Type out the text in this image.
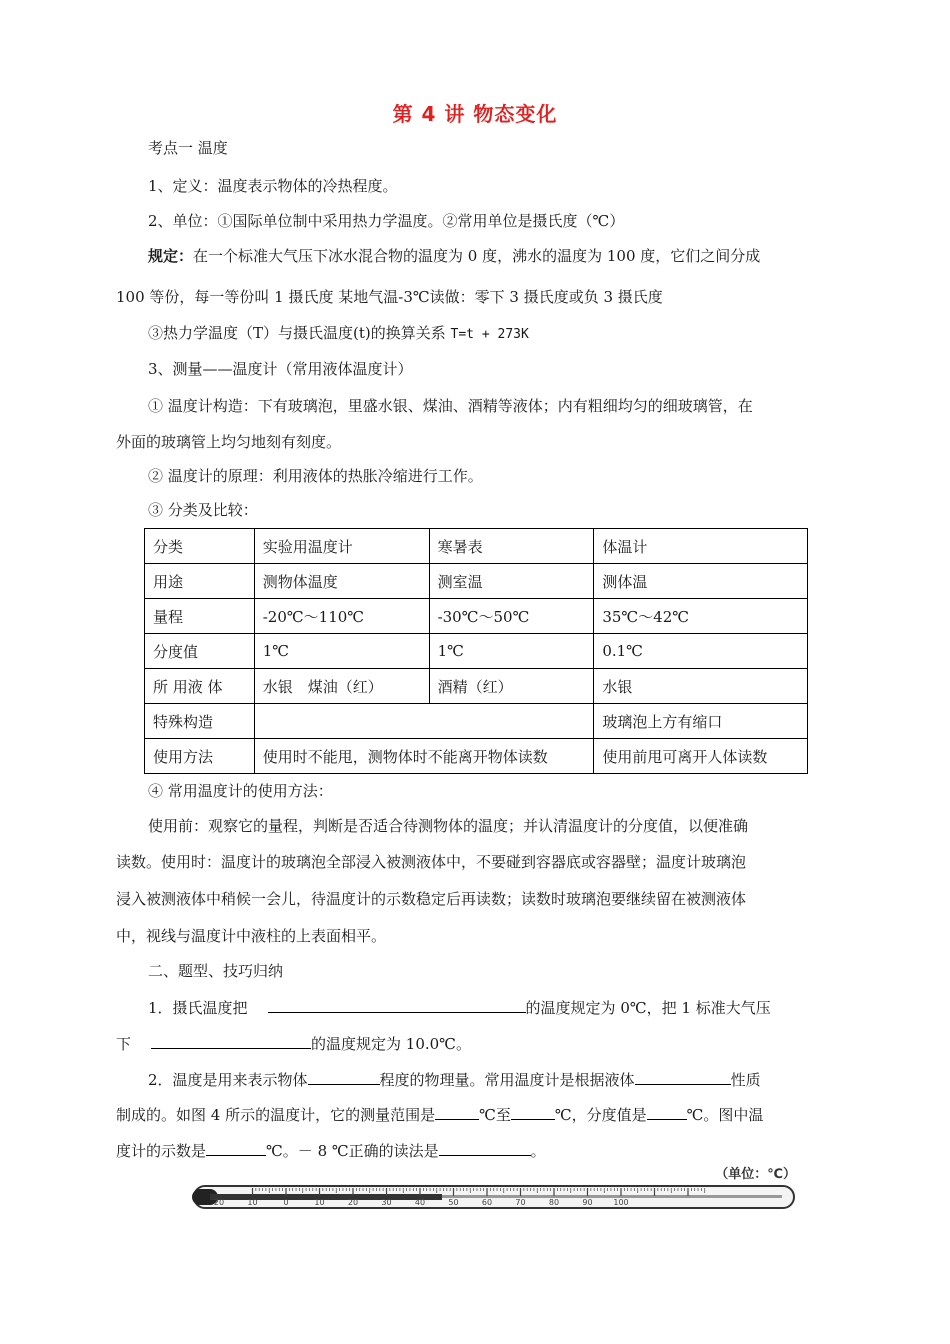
第 4 讲 物态变化
考点一 温度
1、定义：温度表示物体的冷热程度。
2、单位：①国际单位制中采用热力学温度。②常用单位是摄氏度（℃）
规定：在一个标准大气压下冰水混合物的温度为 0 度，沸水的温度为 100 度，它们之间分成
100 等份，每一等份叫 1 摄氏度 某地气温-3℃读做：零下 3 摄氏度或负 3 摄氏度
③热力学温度（T）与摄氏温度(t)的换算关系 T=t + 273K
3、测量——温度计（常用液体温度计）
① 温度计构造：下有玻璃泡，里盛水银、煤油、酒精等液体；内有粗细均匀的细玻璃管，在
外面的玻璃管上均匀地刻有刻度。
② 温度计的原理：利用液体的热胀冷缩进行工作。
③ 分类及比较：
分类	实验用温度计	寒暑表	体温计
用途	测物体温度	测室温	测体温
量程	-20℃～110℃	-30℃～50℃	35℃～42℃
分度值	1℃	1℃	0.1℃
所 用液 体	水银　煤油（红）	酒精（红）	水银
特殊构造			玻璃泡上方有缩口
使用方法	使用时不能甩，测物体时不能离开物体读数		使用前甩可离开人体读数
④ 常用温度计的使用方法：
使用前：观察它的量程，判断是否适合待测物体的温度；并认清温度计的分度值，以便准确
读数。使用时：温度计的玻璃泡全部浸入被测液体中，不要碰到容器底或容器壁；温度计玻璃泡
浸入被测液体中稍候一会儿，待温度计的示数稳定后再读数；读数时玻璃泡要继续留在被测液体
中，视线与温度计中液柱的上表面相平。
二、题型、技巧归纳
1．摄氏温度把	的温度规定为 0℃，把 1 标准大气压
下	的温度规定为 10.0℃。
2．温度是用来表示物体	程度的物理量。常用温度计是根据液体	性质
制成的。如图 4 所示的温度计，它的测量范围是	℃至	℃，分度值是	℃。图中温
度计的示数是	℃。－ 8 ℃正确的读法是	。
20	10	0	10	20	30	40	50	60	70	80	90	100
（单位：℃）
